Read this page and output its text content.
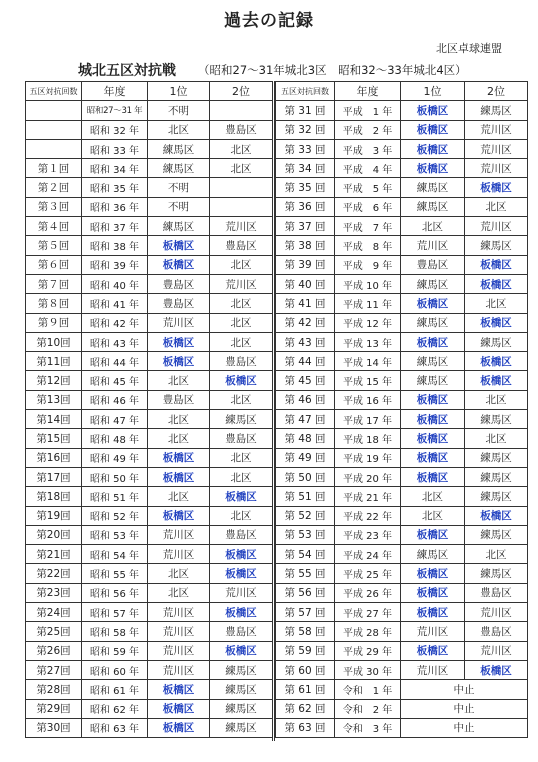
過去の記録
北区卓球連盟
城北五区対抗戦 （昭和27〜31年城北3区　昭和32〜33年城北4区）
五区対抗回数	年度	1位	2位
	昭和27〜31 年	不明	
	昭和 32 年	北区	豊島区
	昭和 33 年	練馬区	北区
第１回	昭和 34 年	練馬区	北区
第２回	昭和 35 年	不明	
第３回	昭和 36 年	不明	
第４回	昭和 37 年	練馬区	荒川区
第５回	昭和 38 年	板橋区	豊島区
第６回	昭和 39 年	板橋区	北区
第７回	昭和 40 年	豊島区	荒川区
第８回	昭和 41 年	豊島区	北区
第９回	昭和 42 年	荒川区	北区
第10回	昭和 43 年	板橋区	北区
第11回	昭和 44 年	板橋区	豊島区
第12回	昭和 45 年	北区	板橋区
第13回	昭和 46 年	豊島区	北区
第14回	昭和 47 年	北区	練馬区
第15回	昭和 48 年	北区	豊島区
第16回	昭和 49 年	板橋区	北区
第17回	昭和 50 年	板橋区	北区
第18回	昭和 51 年	北区	板橋区
第19回	昭和 52 年	板橋区	北区
第20回	昭和 53 年	荒川区	豊島区
第21回	昭和 54 年	荒川区	板橋区
第22回	昭和 55 年	北区	板橋区
第23回	昭和 56 年	北区	荒川区
第24回	昭和 57 年	荒川区	板橋区
第25回	昭和 58 年	荒川区	豊島区
第26回	昭和 59 年	荒川区	板橋区
第27回	昭和 60 年	荒川区	練馬区
第28回	昭和 61 年	板橋区	練馬区
第29回	昭和 62 年	板橋区	練馬区
第30回	昭和 63 年	板橋区	練馬区
五区対抗回数	年度	1位	2位
第 31 回	平成　1 年	板橋区	練馬区
第 32 回	平成　2 年	板橋区	荒川区
第 33 回	平成　3 年	板橋区	荒川区
第 34 回	平成　4 年	板橋区	荒川区
第 35 回	平成　5 年	練馬区	板橋区
第 36 回	平成　6 年	練馬区	北区
第 37 回	平成　7 年	北区	荒川区
第 38 回	平成　8 年	荒川区	練馬区
第 39 回	平成　9 年	豊島区	板橋区
第 40 回	平成 10 年	練馬区	板橋区
第 41 回	平成 11 年	板橋区	北区
第 42 回	平成 12 年	練馬区	板橋区
第 43 回	平成 13 年	板橋区	練馬区
第 44 回	平成 14 年	練馬区	板橋区
第 45 回	平成 15 年	練馬区	板橋区
第 46 回	平成 16 年	板橋区	北区
第 47 回	平成 17 年	板橋区	練馬区
第 48 回	平成 18 年	板橋区	北区
第 49 回	平成 19 年	板橋区	練馬区
第 50 回	平成 20 年	板橋区	練馬区
第 51 回	平成 21 年	北区	練馬区
第 52 回	平成 22 年	北区	板橋区
第 53 回	平成 23 年	板橋区	練馬区
第 54 回	平成 24 年	練馬区	北区
第 55 回	平成 25 年	板橋区	練馬区
第 56 回	平成 26 年	板橋区	豊島区
第 57 回	平成 27 年	板橋区	荒川区
第 58 回	平成 28 年	荒川区	豊島区
第 59 回	平成 29 年	板橋区	荒川区
第 60 回	平成 30 年	荒川区	板橋区
第 61 回	令和　1 年	中止	
第 62 回	令和　2 年	中止	
第 63 回	令和　3 年	中止	
